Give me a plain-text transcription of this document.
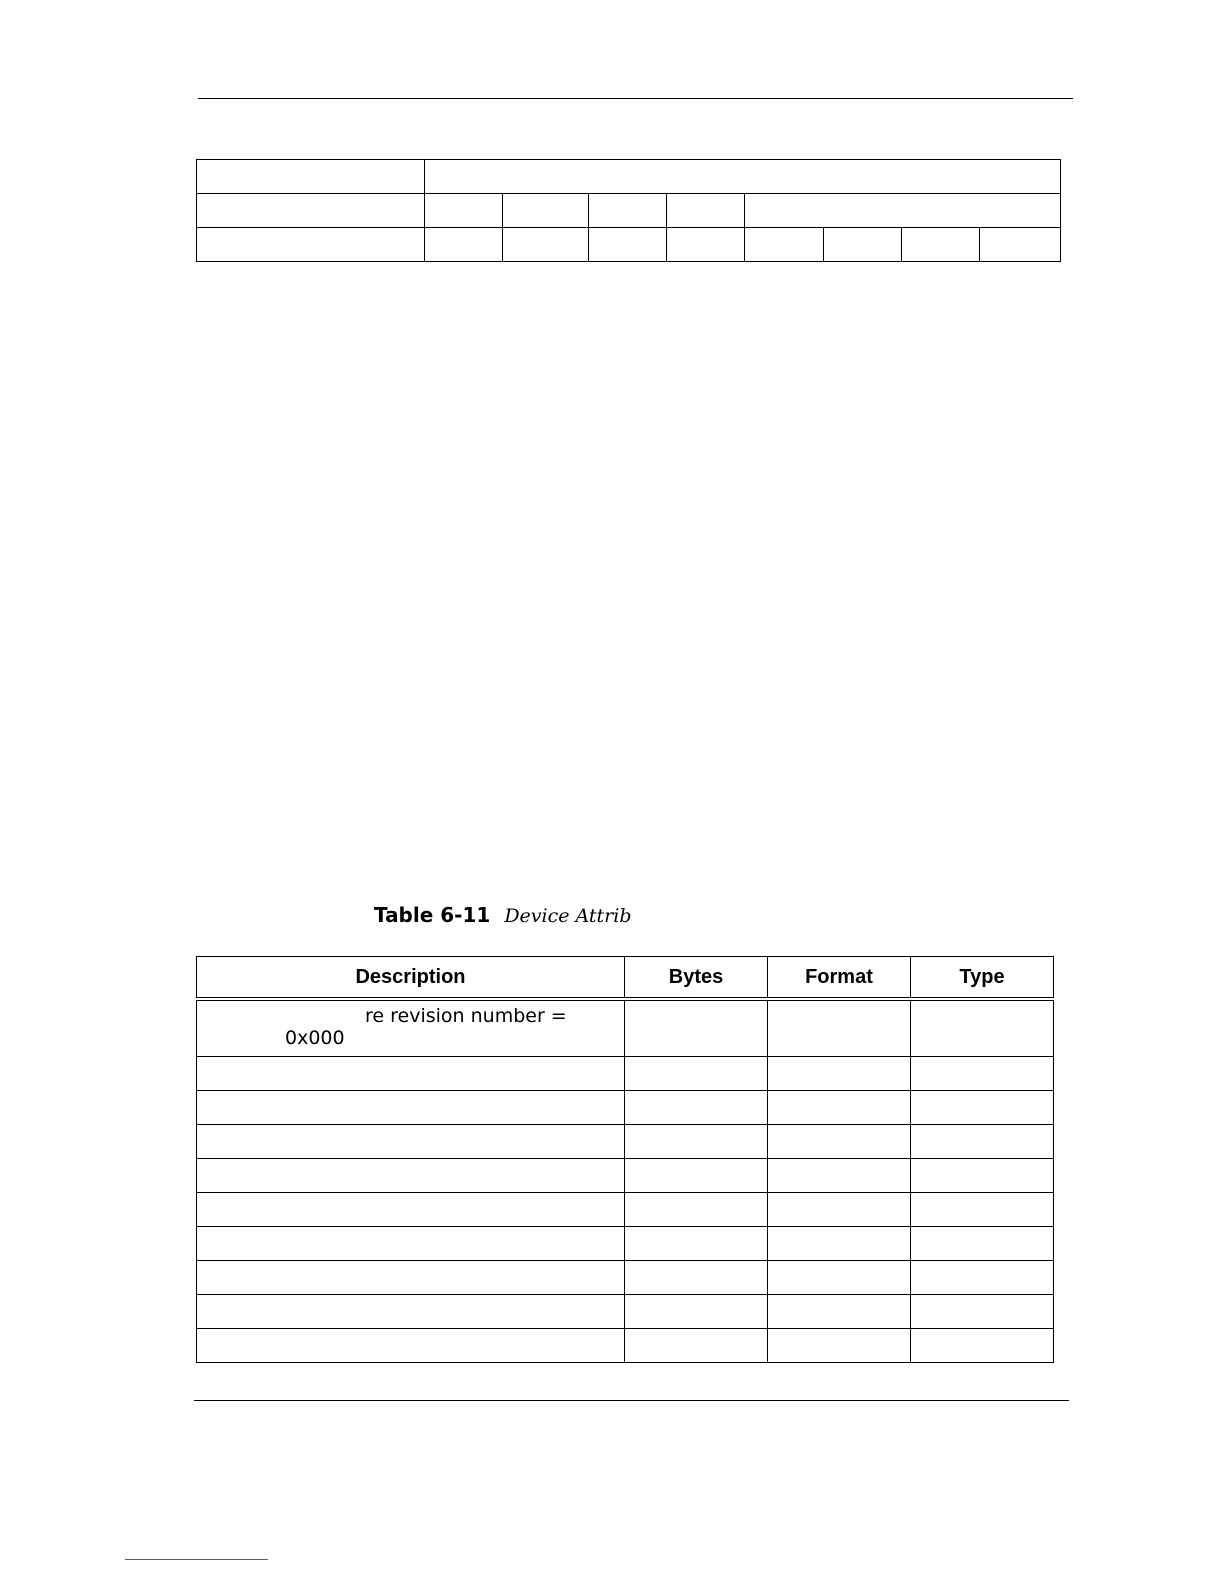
Table 6-11 Device Attrib
Description	Bytes	Format	Type

re revision number =
0x000			
